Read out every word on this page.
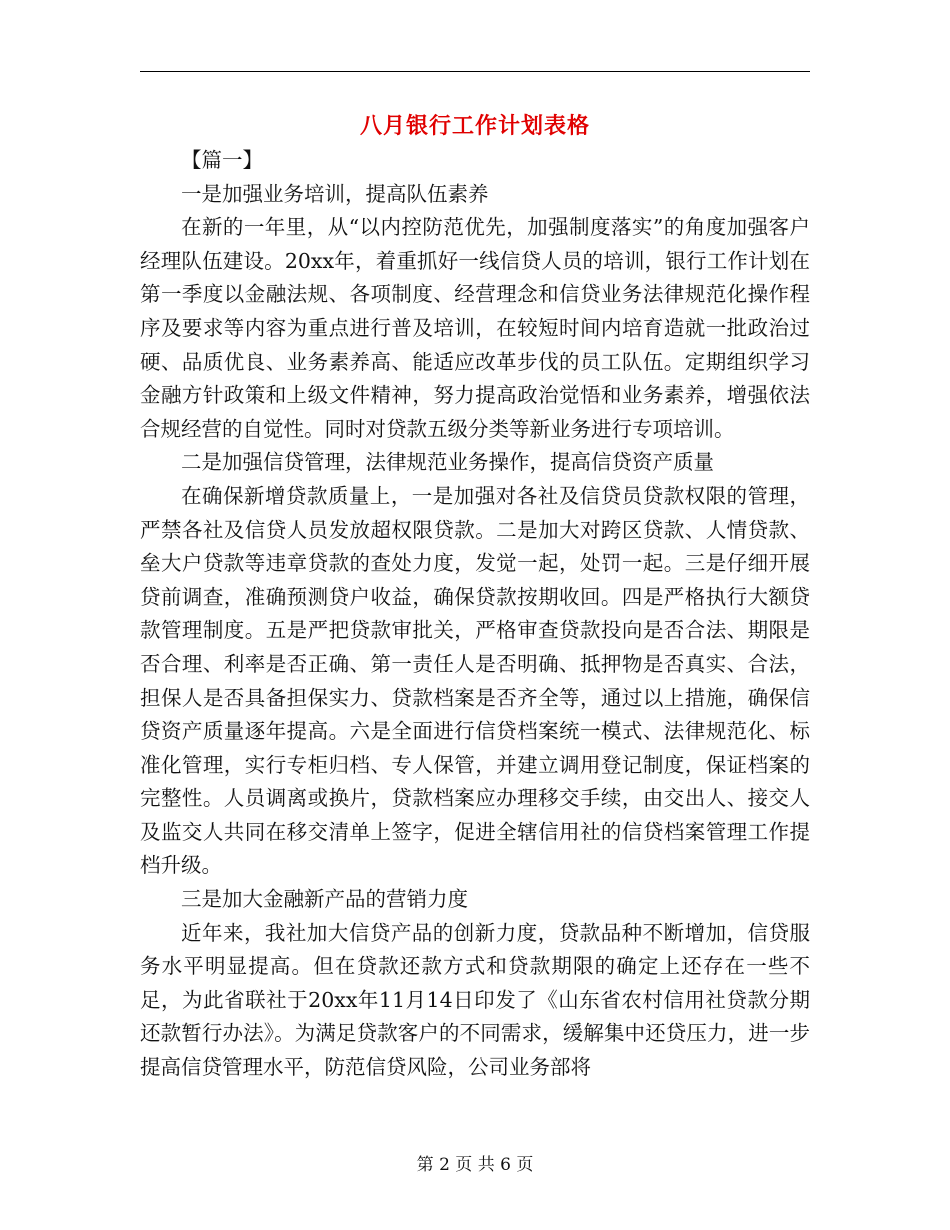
八月银行工作计划表格

【篇一】

一是加强业务培训，提高队伍素养

在新的一年里，从“以内控防范优先，加强制度落实”的角度加强客户经理队伍建设。20xx年，着重抓好一线信贷人员的培训，银行工作计划在第一季度以金融法规、各项制度、经营理念和信贷业务法律规范化操作程序及要求等内容为重点进行普及培训，在较短时间内培育造就一批政治过硬、品质优良、业务素养高、能适应改革步伐的员工队伍。定期组织学习金融方针政策和上级文件精神，努力提高政治觉悟和业务素养，增强依法合规经营的自觉性。同时对贷款五级分类等新业务进行专项培训。

二是加强信贷管理，法律规范业务操作，提高信贷资产质量

在确保新增贷款质量上，一是加强对各社及信贷员贷款权限的管理，严禁各社及信贷人员发放超权限贷款。二是加大对跨区贷款、人情贷款、垒大户贷款等违章贷款的查处力度，发觉一起，处罚一起。三是仔细开展贷前调查，准确预测贷户收益，确保贷款按期收回。四是严格执行大额贷款管理制度。五是严把贷款审批关，严格审查贷款投向是否合法、期限是否合理、利率是否正确、第一责任人是否明确、抵押物是否真实、合法，担保人是否具备担保实力、贷款档案是否齐全等，通过以上措施，确保信贷资产质量逐年提高。六是全面进行信贷档案统一模式、法律规范化、标准化管理，实行专柜归档、专人保管，并建立调用登记制度，保证档案的完整性。人员调离或换片，贷款档案应办理移交手续，由交出人、接交人及监交人共同在移交清单上签字，促进全辖信用社的信贷档案管理工作提档升级。

三是加大金融新产品的营销力度

近年来，我社加大信贷产品的创新力度，贷款品种不断增加，信贷服务水平明显提高。但在贷款还款方式和贷款期限的确定上还存在一些不足，为此省联社于20xx年11月14日印发了《山东省农村信用社贷款分期还款暂行办法》。为满足贷款客户的不同需求，缓解集中还贷压力，进一步提高信贷管理水平，防范信贷风险，公司业务部将

第 2 页 共 6 页
